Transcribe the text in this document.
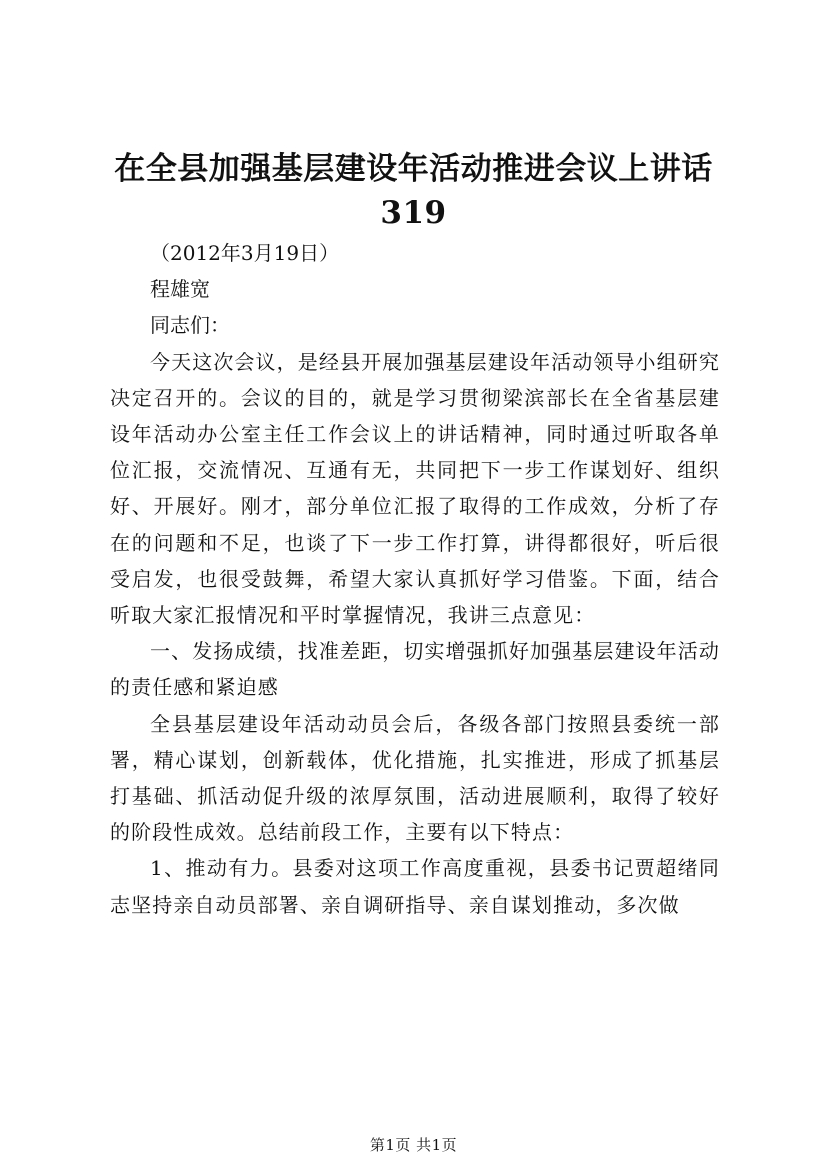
在全县加强基层建设年活动推进会议上讲话
319
（2012年3月19日）
程雄宽
同志们：

今天这次会议，是经县开展加强基层建设年活动领导小组研究决定召开的。会议的目的，就是学习贯彻梁滨部长在全省基层建设年活动办公室主任工作会议上的讲话精神，同时通过听取各单位汇报，交流情况、互通有无，共同把下一步工作谋划好、组织好、开展好。刚才，部分单位汇报了取得的工作成效，分析了存在的问题和不足，也谈了下一步工作打算，讲得都很好，听后很受启发，也很受鼓舞，希望大家认真抓好学习借鉴。下面，结合听取大家汇报情况和平时掌握情况，我讲三点意见：

一、发扬成绩，找准差距，切实增强抓好加强基层建设年活动的责任感和紧迫感

全县基层建设年活动动员会后，各级各部门按照县委统一部署，精心谋划，创新载体，优化措施，扎实推进，形成了抓基层打基础、抓活动促升级的浓厚氛围，活动进展顺利，取得了较好的阶段性成效。总结前段工作，主要有以下特点：

1、推动有力。县委对这项工作高度重视，县委书记贾超绪同志坚持亲自动员部署、亲自调研指导、亲自谋划推动，多次做

第1页 共1页
